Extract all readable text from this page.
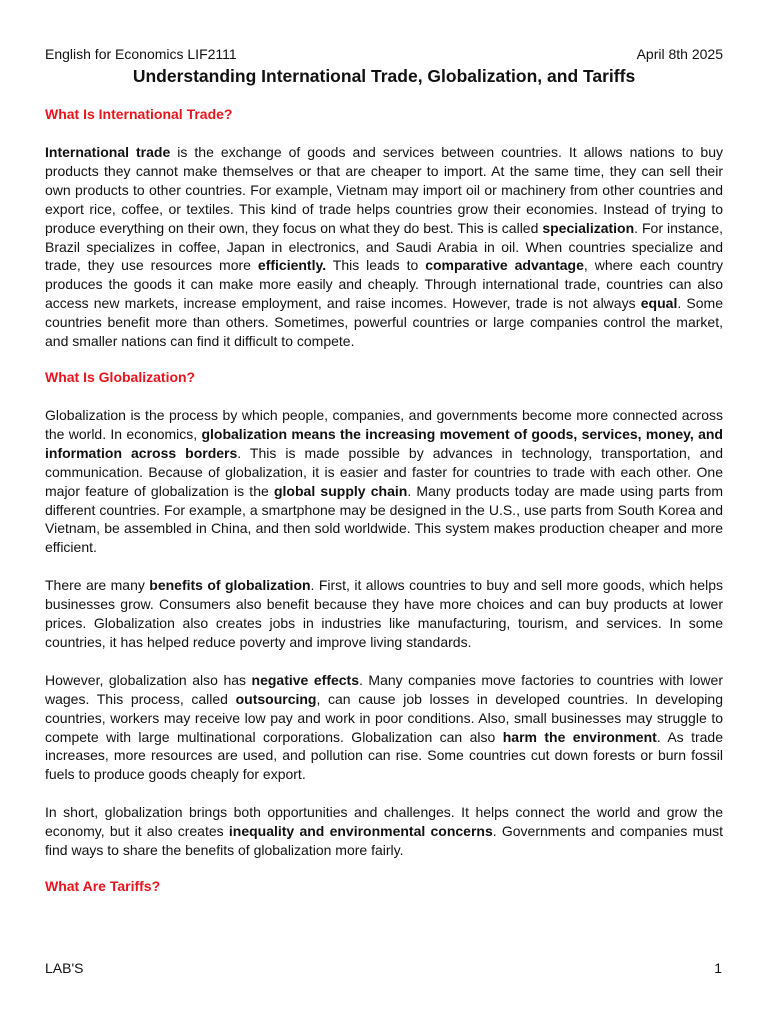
English for Economics LIF2111	April 8th 2025
Understanding International Trade, Globalization, and Tariffs
What Is International Trade?

International trade is the exchange of goods and services between countries. It allows nations to buy products they cannot make themselves or that are cheaper to import. At the same time, they can sell their own products to other countries. For example, Vietnam may import oil or machinery from other countries and export rice, coffee, or textiles. This kind of trade helps countries grow their economies. Instead of trying to produce everything on their own, they focus on what they do best. This is called specialization. For instance, Brazil specializes in coffee, Japan in electronics, and Saudi Arabia in oil. When countries specialize and trade, they use resources more efficiently. This leads to comparative advantage, where each country produces the goods it can make more easily and cheaply. Through international trade, countries can also access new markets, increase employment, and raise incomes. However, trade is not always equal. Some countries benefit more than others. Sometimes, powerful countries or large companies control the market, and smaller nations can find it difficult to compete.

What Is Globalization?

Globalization is the process by which people, companies, and governments become more connected across the world. In economics, globalization means the increasing movement of goods, services, money, and information across borders. This is made possible by advances in technology, transportation, and communication. Because of globalization, it is easier and faster for countries to trade with each other. One major feature of globalization is the global supply chain. Many products today are made using parts from different countries. For example, a smartphone may be designed in the U.S., use parts from South Korea and Vietnam, be assembled in China, and then sold worldwide. This system makes production cheaper and more efficient.

There are many benefits of globalization. First, it allows countries to buy and sell more goods, which helps businesses grow. Consumers also benefit because they have more choices and can buy products at lower prices. Globalization also creates jobs in industries like manufacturing, tourism, and services. In some countries, it has helped reduce poverty and improve living standards.

However, globalization also has negative effects. Many companies move factories to countries with lower wages. This process, called outsourcing, can cause job losses in developed countries. In developing countries, workers may receive low pay and work in poor conditions. Also, small businesses may struggle to compete with large multinational corporations. Globalization can also harm the environment. As trade increases, more resources are used, and pollution can rise. Some countries cut down forests or burn fossil fuels to produce goods cheaply for export.

In short, globalization brings both opportunities and challenges. It helps connect the world and grow the economy, but it also creates inequality and environmental concerns. Governments and companies must find ways to share the benefits of globalization more fairly.

What Are Tariffs?
LAB'S	1
